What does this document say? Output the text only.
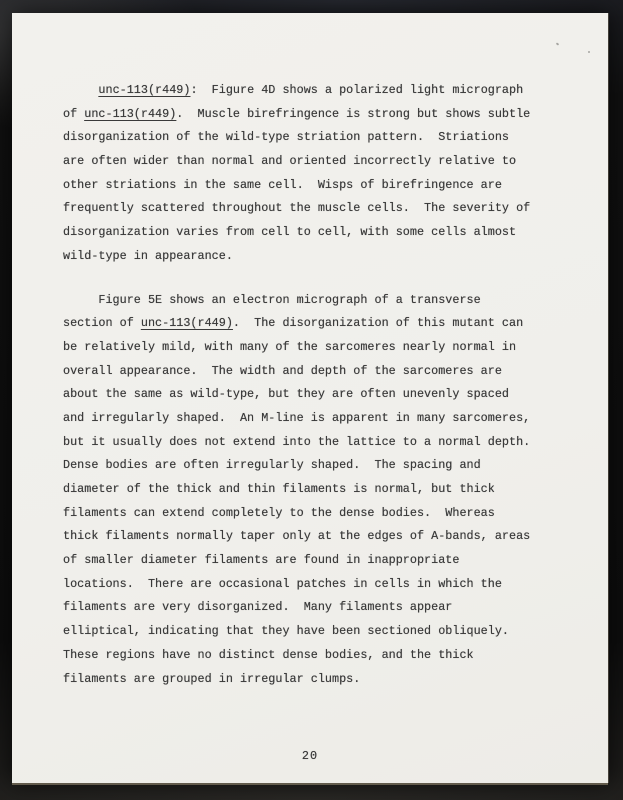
unc-113(r449):  Figure 4D shows a polarized light micrograph
of unc-113(r449).  Muscle birefringence is strong but shows subtle
disorganization of the wild-type striation pattern.  Striations
are often wider than normal and oriented incorrectly relative to
other striations in the same cell.  Wisps of birefringence are
frequently scattered throughout the muscle cells.  The severity of
disorganization varies from cell to cell, with some cells almost
wild-type in appearance.
Figure 5E shows an electron micrograph of a transverse
section of unc-113(r449).  The disorganization of this mutant can
be relatively mild, with many of the sarcomeres nearly normal in
overall appearance.  The width and depth of the sarcomeres are
about the same as wild-type, but they are often unevenly spaced
and irregularly shaped.  An M-line is apparent in many sarcomeres,
but it usually does not extend into the lattice to a normal depth.
Dense bodies are often irregularly shaped.  The spacing and
diameter of the thick and thin filaments is normal, but thick
filaments can extend completely to the dense bodies.  Whereas
thick filaments normally taper only at the edges of A-bands, areas
of smaller diameter filaments are found in inappropriate
locations.  There are occasional patches in cells in which the
filaments are very disorganized.  Many filaments appear
elliptical, indicating that they have been sectioned obliquely.
These regions have no distinct dense bodies, and the thick
filaments are grouped in irregular clumps.
20
